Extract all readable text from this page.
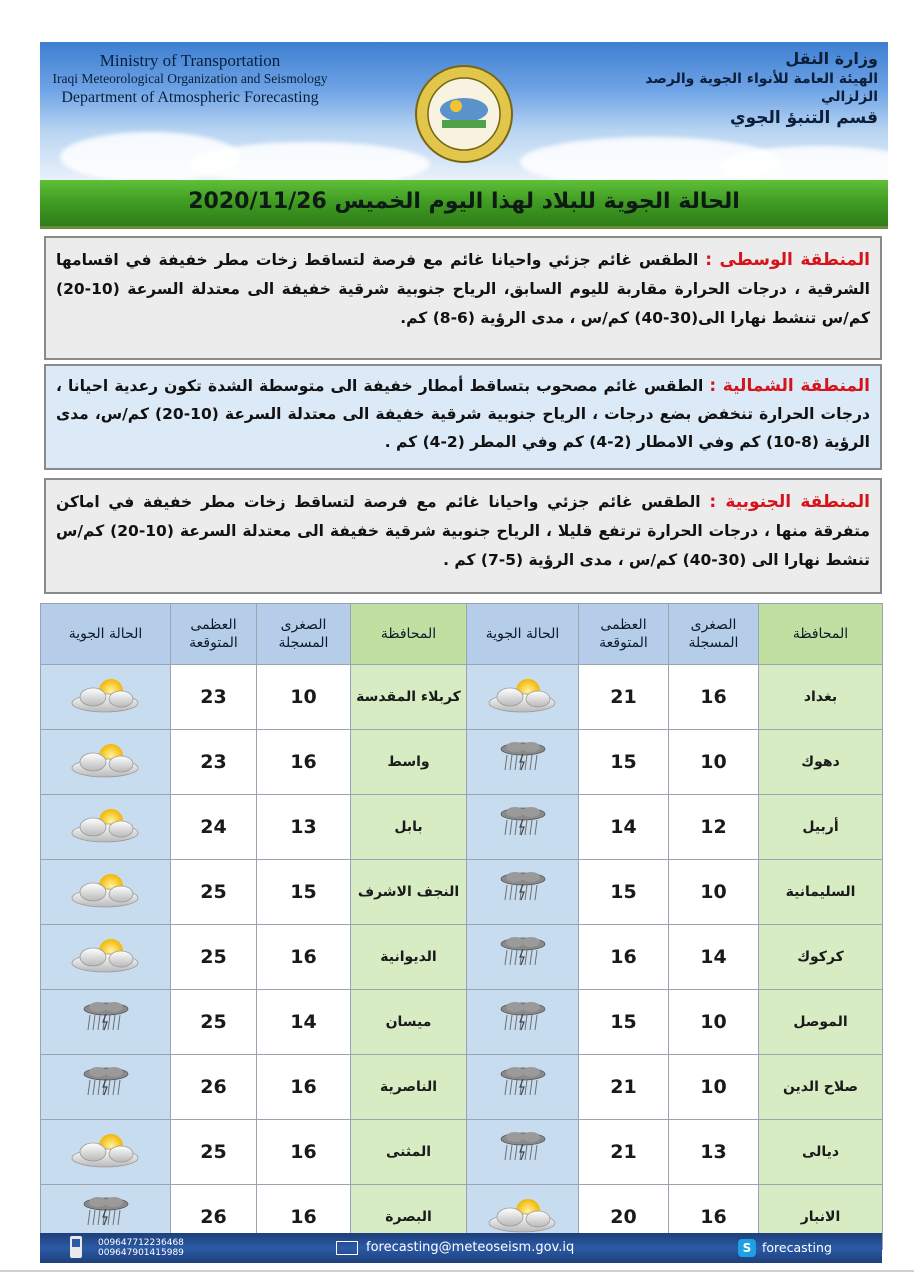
Ministry of Transportation
Iraqi Meteorological Organization and Seismology
Department of Atmospheric Forecasting
وزارة النقل
الهيئة العامة للأنواء الجوية والرصد الزلزالي
قسم التنبؤ الجوي
الحالة الجوية للبلاد لهذا اليوم الخميس 2020/11/26
المنطقة الوسطى : الطقس غائم جزئي واحيانا غائم مع فرصة لتساقط زخات مطر خفيفة في اقسامها الشرقية ، درجات الحرارة مقاربة لليوم السابق، الرياح جنوبية شرقية خفيفة الى معتدلة السرعة (10-20) كم/س تنشط نهارا الى(30-40) كم/س ، مدى الرؤية (6-8) كم.
المنطقة الشمالية : الطقس غائم مصحوب بتساقط أمطار خفيفة الى متوسطة الشدة تكون رعدية احيانا ، درجات الحرارة تنخفض بضع درجات ، الرياح جنوبية شرقية خفيفة الى معتدلة السرعة (10-20) كم/س، مدى الرؤية (8-10) كم وفي الامطار (2-4) كم وفي المطر (2-4) كم .
المنطقة الجنوبية : الطقس غائم جزئي واحيانا غائم مع فرصة لتساقط زخات مطر خفيفة في اماكن متفرقة منها ، درجات الحرارة ترتفع قليلا ، الرياح جنوبية شرقية خفيفة الى معتدلة السرعة (10-20) كم/س تنشط نهارا الى (30-40) كم/س ، مدى الرؤية (5-7) كم .
المحافظة	الصغرى المسجلة	العظمى المتوقعة	الحالة الجوية	المحافظة	الصغرى المسجلة	العظمى المتوقعة	الحالة الجوية
بغداد	16	21		كربلاء المقدسة	10	23	
دهوك	10	15		واسط	16	23	
أربيل	12	14		بابل	13	24	
السليمانية	10	15		النجف الاشرف	15	25	
كركوك	14	16		الديوانية	16	25	
الموصل	10	15		ميسان	14	25	
صلاح الدين	10	21		الناصرية	16	26	
ديالى	13	21		المثنى	16	25	
الانبار	16	20		البصرة	16	26	
009647712236468
009647901415989	forecasting@meteoseism.gov.iq	S forecasting
